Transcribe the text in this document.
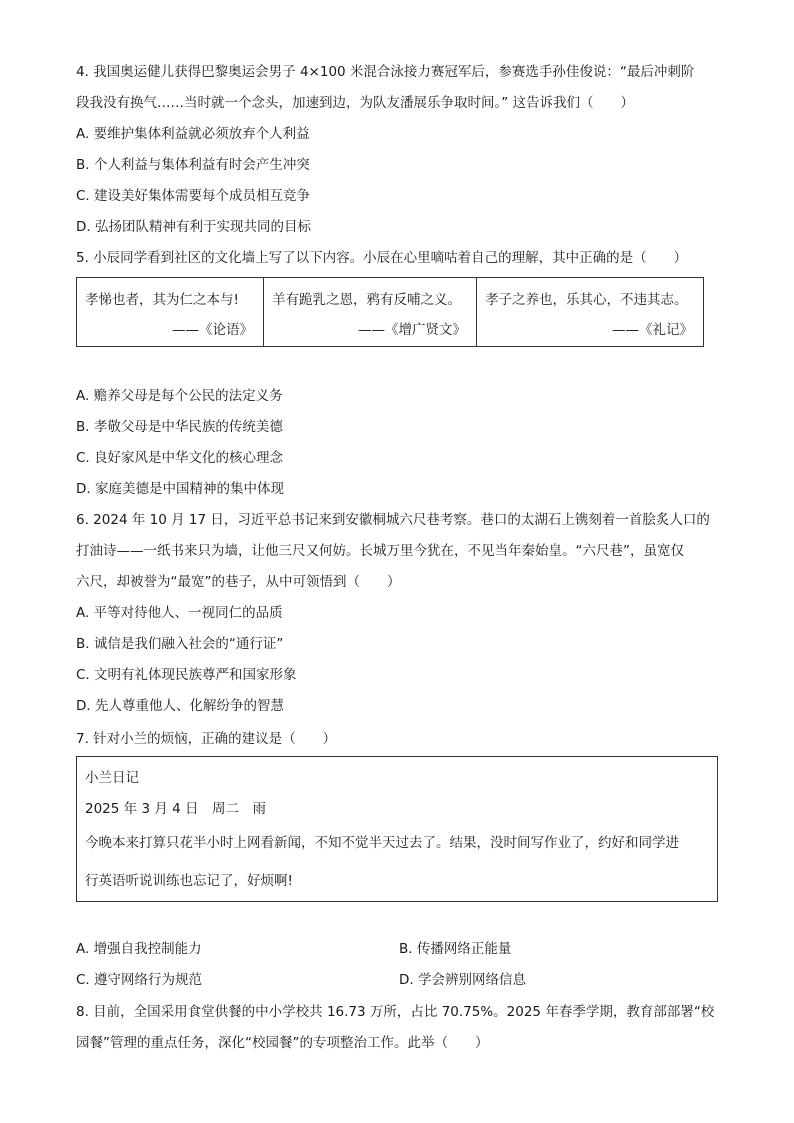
4. 我国奥运健儿获得巴黎奥运会男子 4×100 米混合泳接力赛冠军后，参赛选手孙佳俊说：“最后冲刺阶
段我没有换气……当时就一个念头，加速到边，为队友潘展乐争取时间。” 这告诉我们（　　）
A. 要维护集体利益就必须放弃个人利益
B. 个人利益与集体利益有时会产生冲突
C. 建设美好集体需要每个成员相互竞争
D. 弘扬团队精神有利于实现共同的目标
5. 小辰同学看到社区的文化墙上写了以下内容。小辰在心里嘀咕着自己的理解，其中正确的是（　　）
孝悌也者，其为仁之本与!
——《论语》
羊有跪乳之恩，鸦有反哺之义。
——《增广贤文》
孝子之养也，乐其心，不违其志。
——《礼记》
A. 赡养父母是每个公民的法定义务
B. 孝敬父母是中华民族的传统美德
C. 良好家风是中华文化的核心理念
D. 家庭美德是中国精神的集中体现
6. 2024 年 10 月 17 日，习近平总书记来到安徽桐城六尺巷考察。巷口的太湖石上镌刻着一首脍炙人口的
打油诗——一纸书来只为墙，让他三尺又何妨。长城万里今犹在，不见当年秦始皇。“六尺巷”，虽宽仅
六尺，却被誉为“最宽”的巷子，从中可领悟到（　　）
A. 平等对待他人、一视同仁的品质
B. 诚信是我们融入社会的“通行证”
C. 文明有礼体现民族尊严和国家形象
D. 先人尊重他人、化解纷争的智慧
7. 针对小兰的烦恼，正确的建议是（　　）
小兰日记
2025 年 3 月 4 日　周二　雨
今晚本来打算只花半小时上网看新闻，不知不觉半天过去了。结果，没时间写作业了，约好和同学进
行英语听说训练也忘记了，好烦啊!
A. 增强自我控制能力	B. 传播网络正能量
C. 遵守网络行为规范	D. 学会辨别网络信息
8. 目前，全国采用食堂供餐的中小学校共 16.73 万所，占比 70.75%。2025 年春季学期，教育部部署“校
园餐”管理的重点任务，深化“校园餐”的专项整治工作。此举（　　）
